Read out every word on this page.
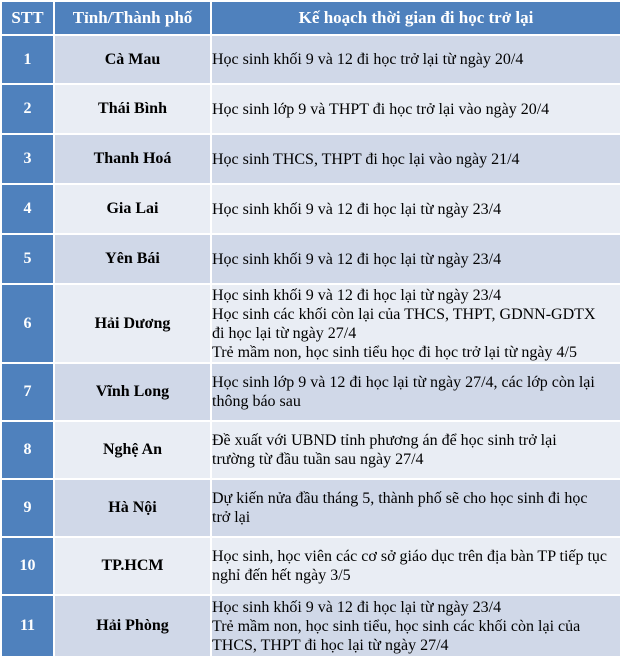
STT	Tỉnh/Thành phố	Kế hoạch thời gian đi học trở lại
1	Cà Mau	Học sinh khối 9 và 12 đi học trở lại từ ngày 20/4

2	Thái Bình	Học sinh lớp 9 và THPT đi học trở lại vào ngày 20/4

3	Thanh Hoá	Học sinh THCS, THPT đi học lại vào ngày 21/4

4	Gia Lai	Học sinh khối 9 và 12 đi học lại từ ngày 23/4

5	Yên Bái	Học sinh khối 9 và 12 đi học lại từ ngày 23/4

6	Hải Dương	Học sinh khối 9 và 12 đi học lại từ ngày 23/4
Học sinh các khối còn lại của THCS, THPT, GDNN-GDTX
đi học lại từ ngày 27/4
Trẻ mầm non, học sinh tiểu học đi học trở lại từ ngày 4/5

7	Vĩnh Long	Học sinh lớp 9 và 12 đi học lại từ ngày 27/4, các lớp còn lại
thông báo sau

8	Nghệ An	Đề xuất với UBND tỉnh phương án để học sinh trở lại
trường từ đầu tuần sau ngày 27/4

9	Hà Nội	Dự kiến nửa đầu tháng 5, thành phố sẽ cho học sinh đi học
trở lại

10	TP.HCM	Học sinh, học viên các cơ sở giáo dục trên địa bàn TP tiếp tục
nghỉ đến hết ngày 3/5

11	Hải Phòng	Học sinh khối 9 và 12 đi học lại từ ngày 23/4
Trẻ mầm non, học sinh tiểu, học sinh các khối còn lại của
THCS, THPT đi học lại từ ngày 27/4
